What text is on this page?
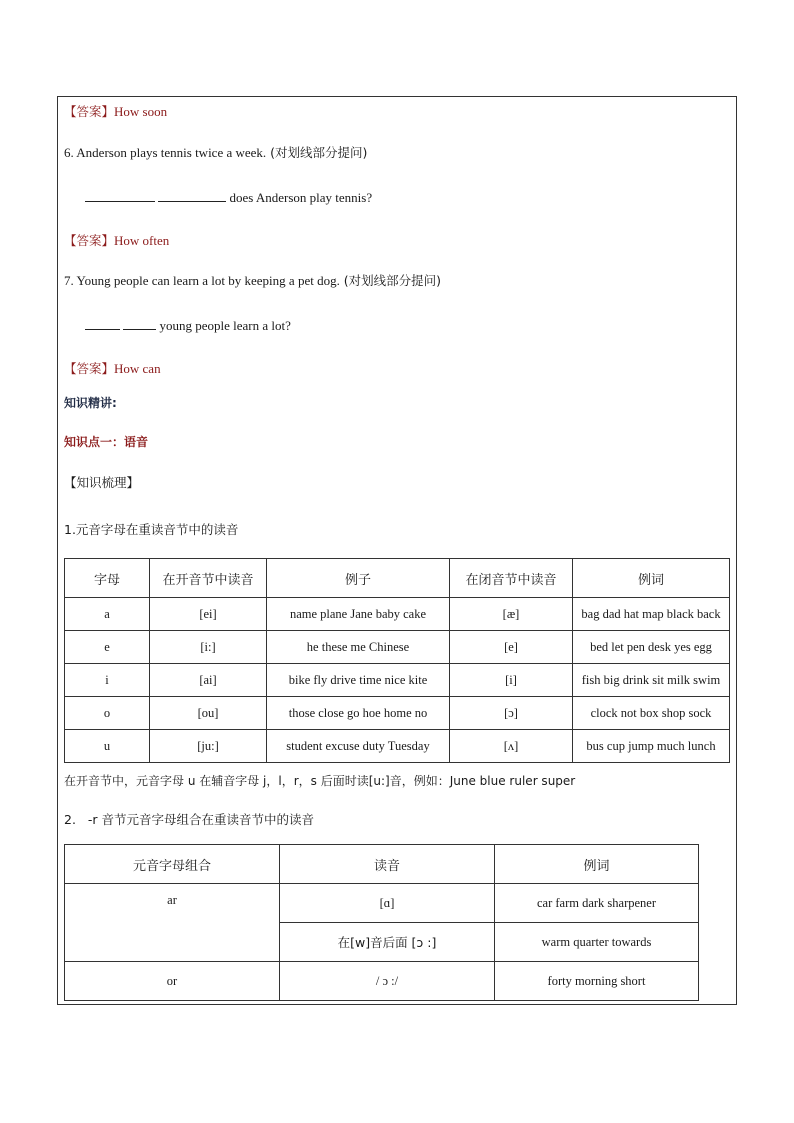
【答案】How soon
6. Anderson plays tennis twice a week. (对划线部分提问)
does Anderson play tennis?
【答案】How often
7. Young people can learn a lot by keeping a pet dog. (对划线部分提问)
young people learn a lot?
【答案】How can
知识精讲:
知识点一：语音
【知识梳理】
1.元音字母在重读音节中的读音
字母	在开音节中读音	例子	在闭音节中读音	例词
a	[ei]	name plane Jane baby cake	[æ]	bag dad hat map black back
e	[i:]	he these me Chinese	[e]	bed let pen desk yes egg
i	[ai]	bike fly drive time nice kite	[i]	fish big drink sit milk swim
o	[ou]	those close go hoe home no	[ɔ]	clock not box shop sock
u	[ju:]	student excuse duty Tuesday	[ʌ]	bus cup jump much lunch
在开音节中，元音字母 u 在辅音字母 j，l，r，s 后面时读[u:]音，例如：June blue ruler super
2. -r 音节元音字母组合在重读音节中的读音
元音字母组合	读音	例词
ar	[ɑ]	car farm dark sharpener
	在[w]音后面 [ɔ :]	warm quarter towards
or	/ ɔ :/	forty morning short
